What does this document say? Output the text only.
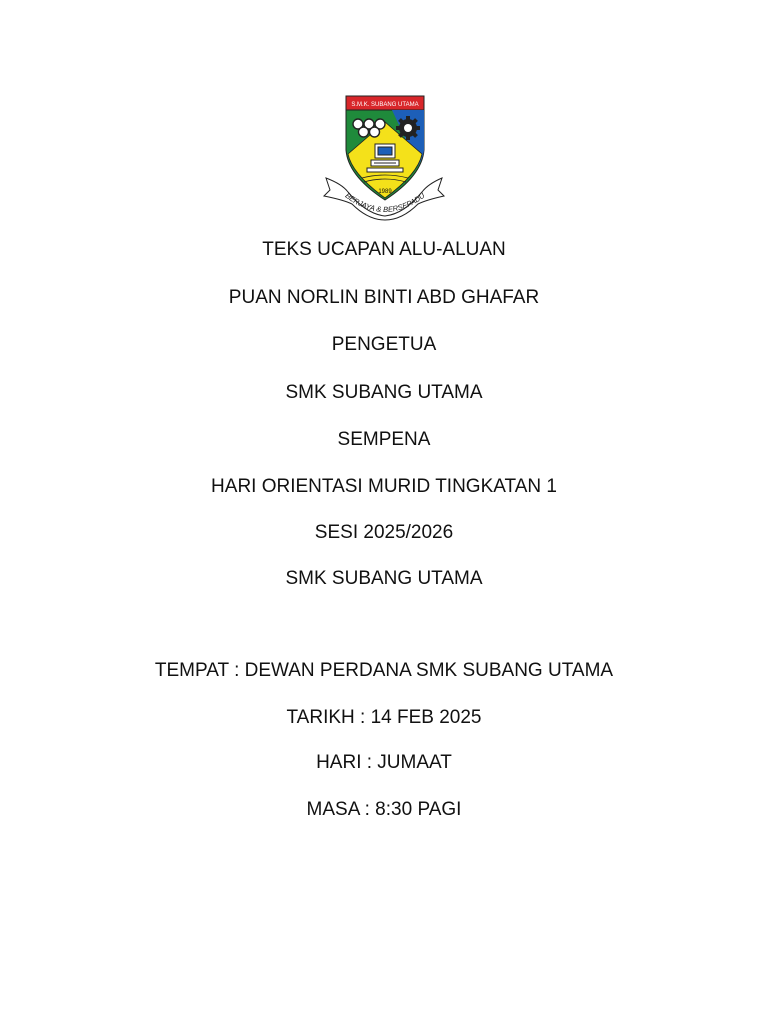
S.M.K. SUBANG UTAMA
1989
BERJAYA & BERSEPADU
TEKS UCAPAN ALU-ALUAN
PUAN NORLIN BINTI ABD GHAFAR
PENGETUA
SMK SUBANG UTAMA
SEMPENA
HARI ORIENTASI MURID TINGKATAN 1
SESI 2025/2026
SMK SUBANG UTAMA
TEMPAT : DEWAN PERDANA SMK SUBANG UTAMA
TARIKH : 14 FEB 2025
HARI : JUMAAT
MASA : 8:30 PAGI
